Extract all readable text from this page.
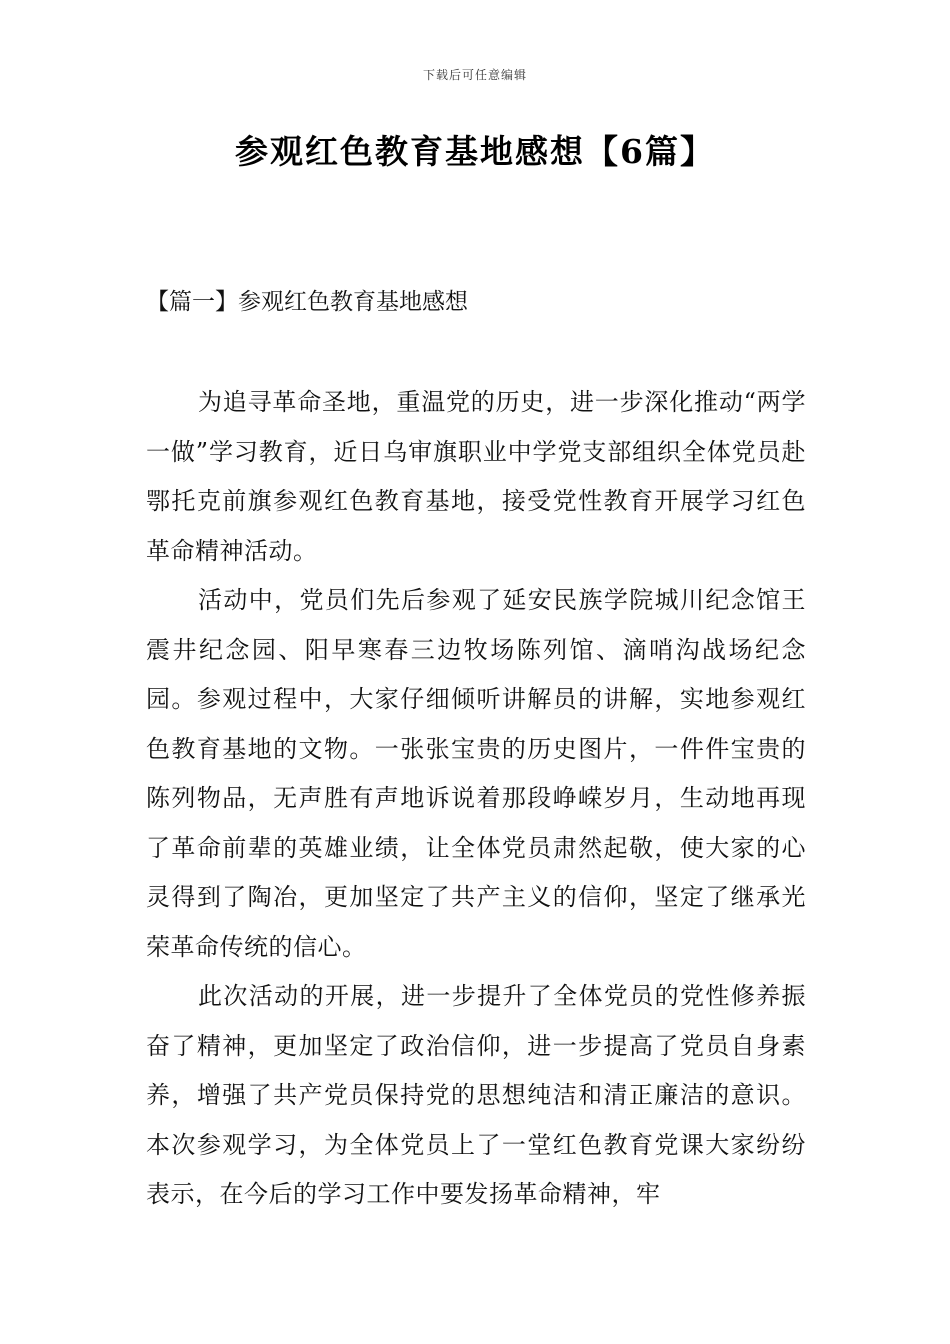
下载后可任意编辑
参观红色教育基地感想【6篇】
【篇一】参观红色教育基地感想

为追寻革命圣地，重温党的历史，进一步深化推动“两学一做”学习教育，近日乌审旗职业中学党支部组织全体党员赴鄂托克前旗参观红色教育基地，接受党性教育开展学习红色革命精神活动。

活动中，党员们先后参观了延安民族学院城川纪念馆王震井纪念园、阳早寒春三边牧场陈列馆、滴哨沟战场纪念园。参观过程中，大家仔细倾听讲解员的讲解，实地参观红色教育基地的文物。一张张宝贵的历史图片，一件件宝贵的陈列物品，无声胜有声地诉说着那段峥嵘岁月，生动地再现了革命前辈的英雄业绩，让全体党员肃然起敬，使大家的心灵得到了陶冶，更加坚定了共产主义的信仰，坚定了继承光荣革命传统的信心。

此次活动的开展，进一步提升了全体党员的党性修养振奋了精神，更加坚定了政治信仰，进一步提高了党员自身素养，增强了共产党员保持党的思想纯洁和清正廉洁的意识。本次参观学习，为全体党员上了一堂红色教育党课大家纷纷表示，在今后的学习工作中要发扬革命精神，牢
